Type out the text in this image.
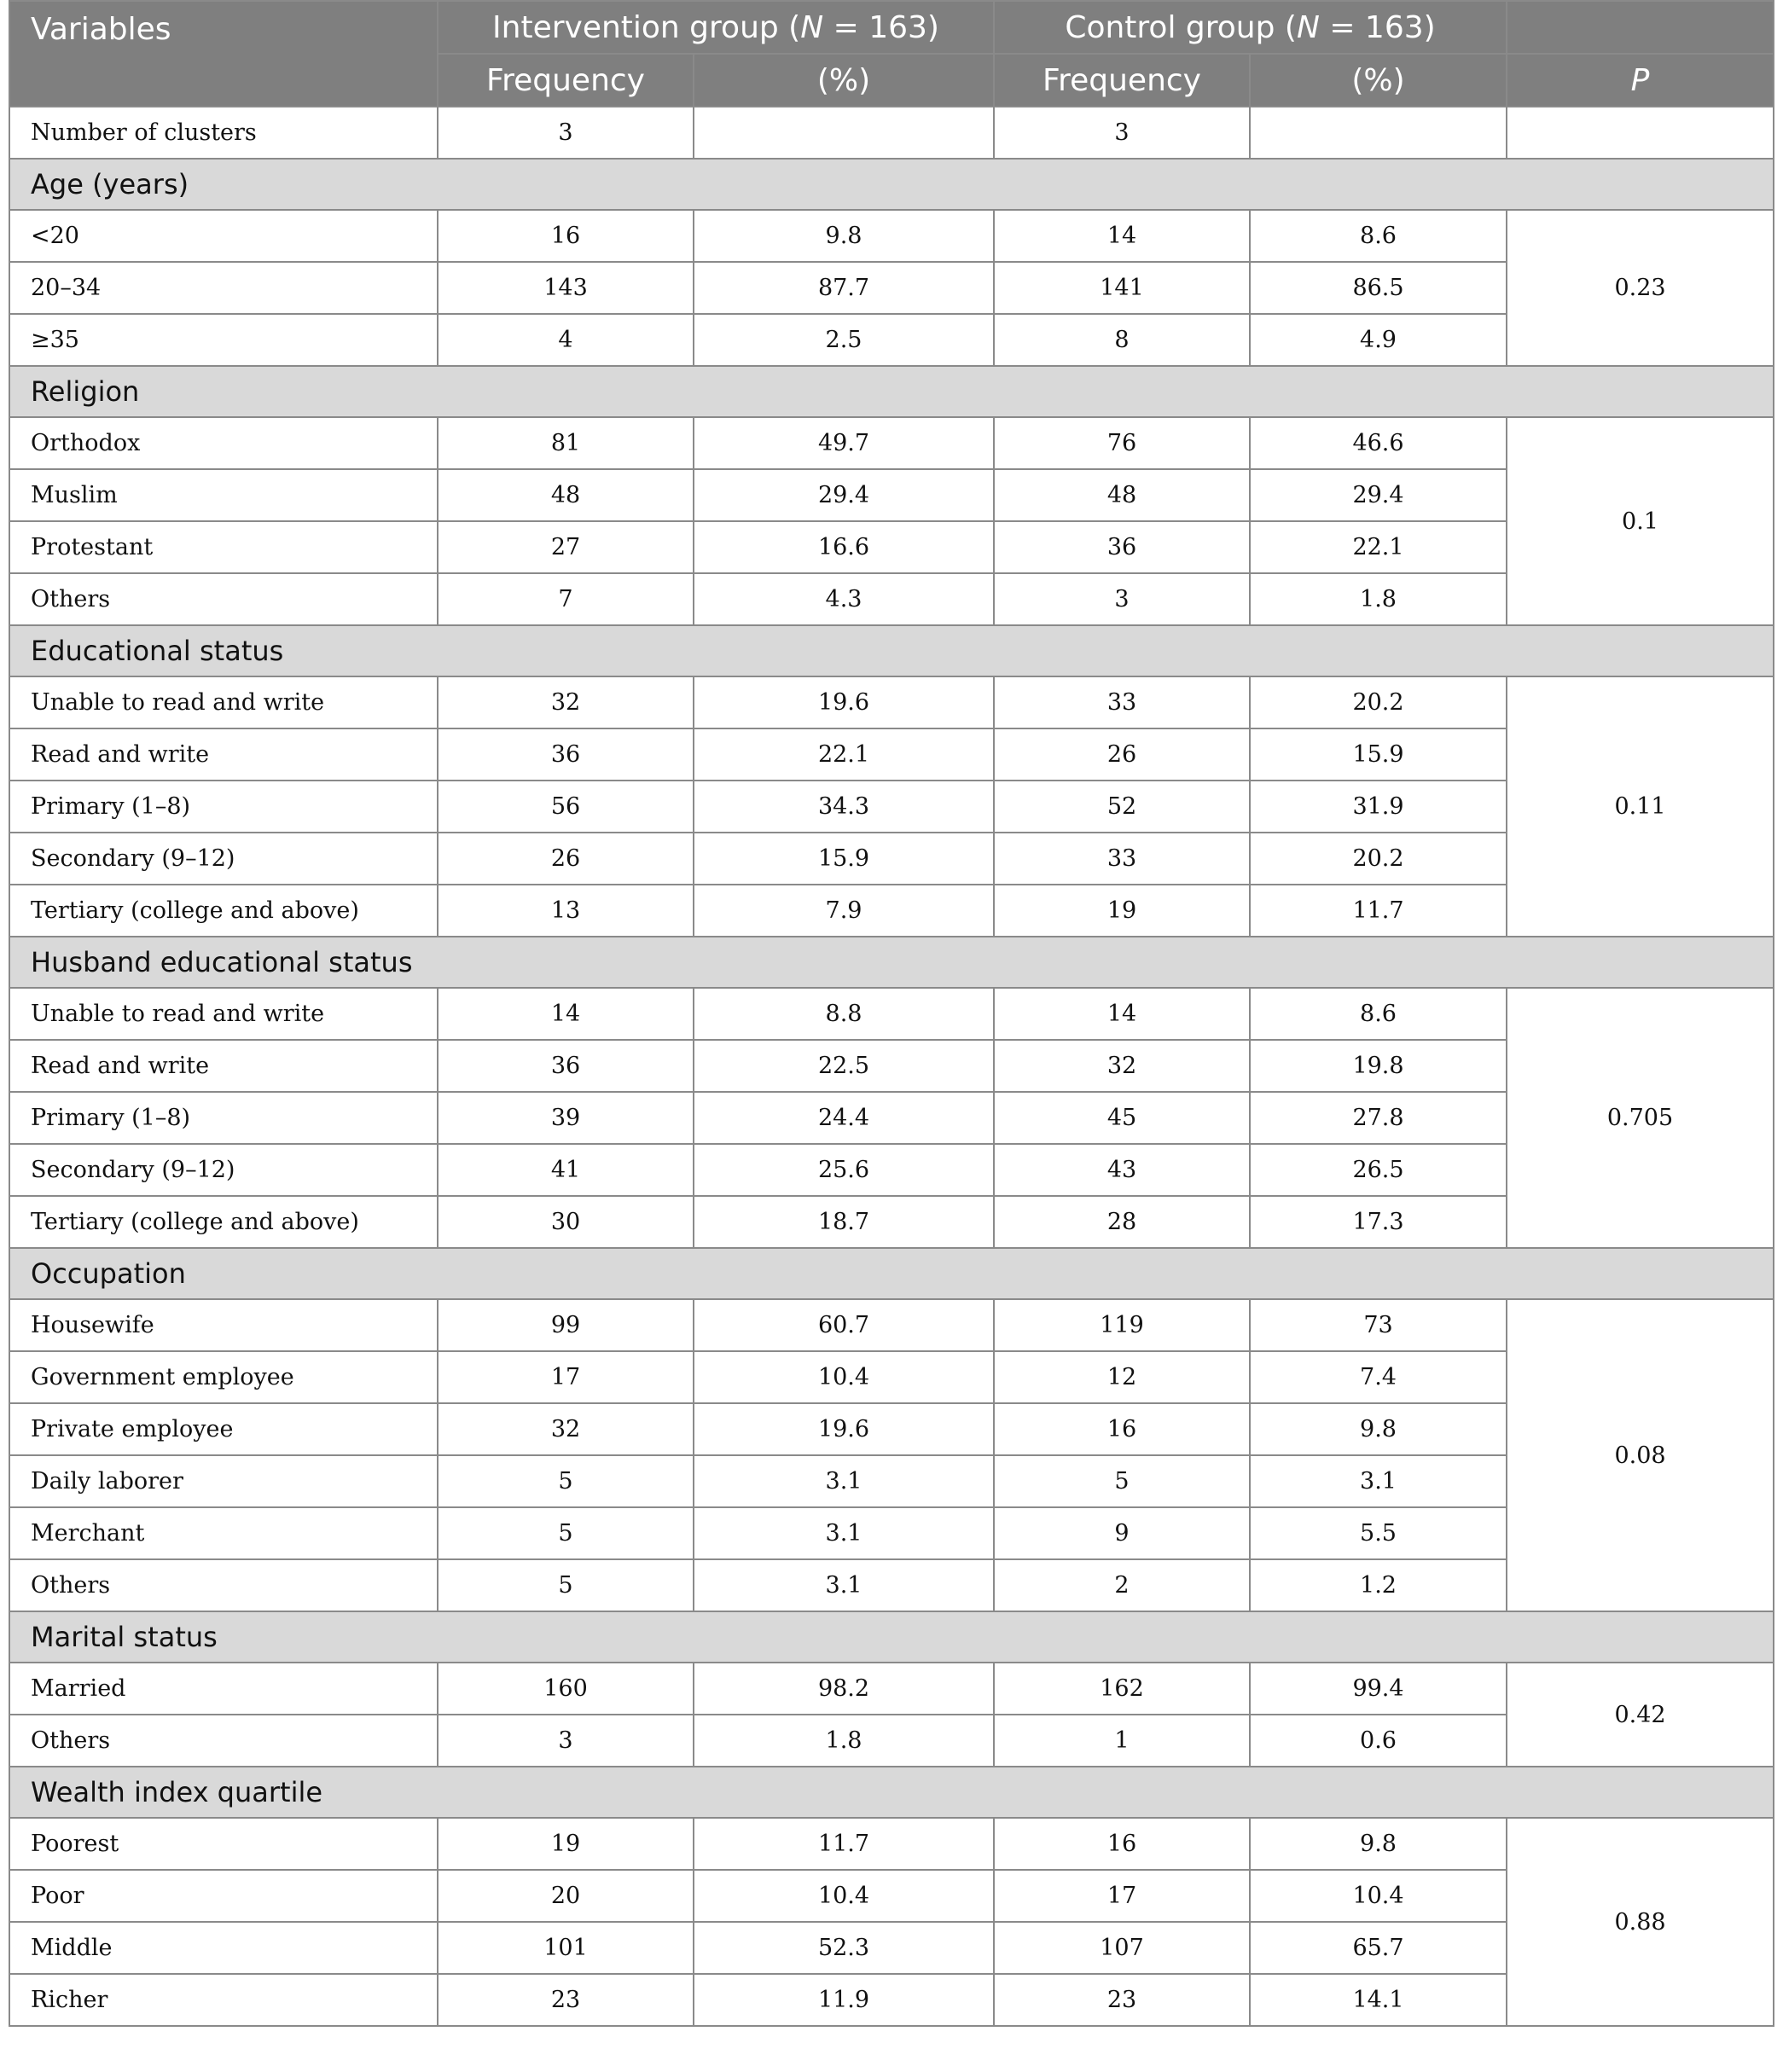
Variables	Intervention group (N = 163)		Control group (N = 163)		
	Frequency	(%)	Frequency	(%)	P
Number of clusters	3		3		
Age (years)					
<20	16	9.8	14	8.6	0.23
20–34	143	87.7	141	86.5	
≥35	4	2.5	8	4.9	
Religion					
Orthodox	81	49.7	76	46.6	0.1
Muslim	48	29.4	48	29.4	
Protestant	27	16.6	36	22.1	
Others	7	4.3	3	1.8	
Educational status					
Unable to read and write	32	19.6	33	20.2	0.11
Read and write	36	22.1	26	15.9	
Primary (1–8)	56	34.3	52	31.9	
Secondary (9–12)	26	15.9	33	20.2	
Tertiary (college and above)	13	7.9	19	11.7	
Husband educational status					
Unable to read and write	14	8.8	14	8.6	0.705
Read and write	36	22.5	32	19.8	
Primary (1–8)	39	24.4	45	27.8	
Secondary (9–12)	41	25.6	43	26.5	
Tertiary (college and above)	30	18.7	28	17.3	
Occupation					
Housewife	99	60.7	119	73	0.08
Government employee	17	10.4	12	7.4	
Private employee	32	19.6	16	9.8	
Daily laborer	5	3.1	5	3.1	
Merchant	5	3.1	9	5.5	
Others	5	3.1	2	1.2	
Marital status					
Married	160	98.2	162	99.4	0.42
Others	3	1.8	1	0.6	
Wealth index quartile					
Poorest	19	11.7	16	9.8	0.88
Poor	20	10.4	17	10.4	
Middle	101	52.3	107	65.7	
Richer	23	11.9	23	14.1	
